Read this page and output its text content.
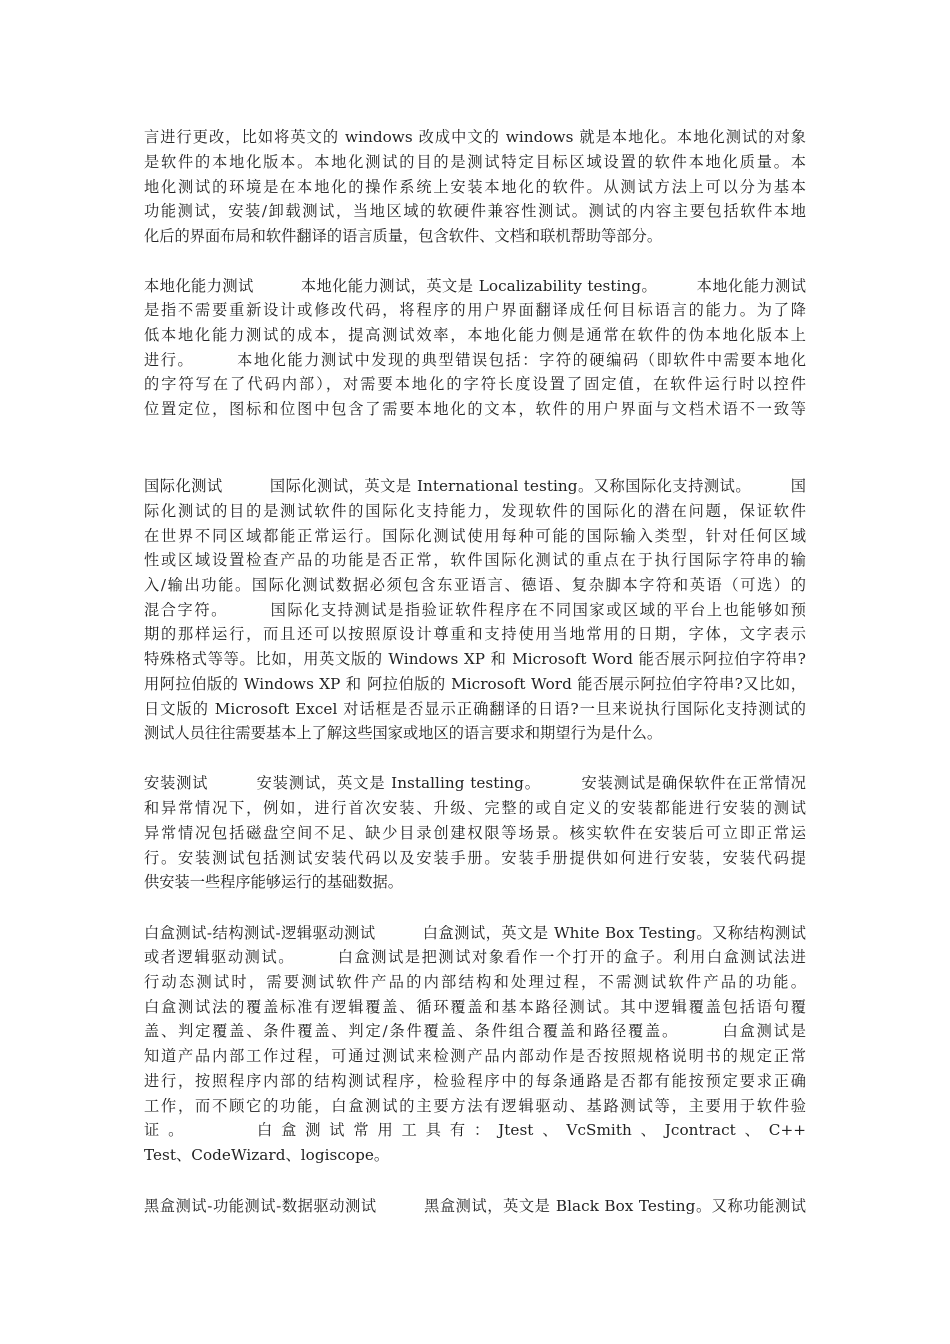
言进行更改，比如将英文的 windows 改成中文的 windows 就是本地化。本地化测试的对象
是软件的本地化版本。本地化测试的目的是测试特定目标区域设置的软件本地化质量。本
地化测试的环境是在本地化的操作系统上安装本地化的软件。从测试方法上可以分为基本
功能测试，安装/卸载测试，当地区域的软硬件兼容性测试。测试的内容主要包括软件本地
化后的界面布局和软件翻译的语言质量，包含软件、文档和联机帮助等部分。
本地化能力测试　　　本地化能力测试，英文是 Localizability testing。　　　本地化能力测试
是指不需要重新设计或修改代码，将程序的用户界面翻译成任何目标语言的能力。为了降
低本地化能力测试的成本，提高测试效率，本地化能力侧是通常在软件的伪本地化版本上
进行。　　　本地化能力测试中发现的典型错误包括：字符的硬编码（即软件中需要本地化
的字符写在了代码内部），对需要本地化的字符长度设置了固定值，在软件运行时以控件
位置定位，图标和位图中包含了需要本地化的文本，软件的用户界面与文档术语不一致等
国际化测试　　　国际化测试，英文是 International testing。又称国际化支持测试。　　　国
际化测试的目的是测试软件的国际化支持能力，发现软件的国际化的潜在问题，保证软件
在世界不同区域都能正常运行。国际化测试使用每种可能的国际输入类型，针对任何区域
性或区域设置检查产品的功能是否正常，软件国际化测试的重点在于执行国际字符串的输
入/输出功能。国际化测试数据必须包含东亚语言、德语、复杂脚本字符和英语（可选）的
混合字符。　　　国际化支持测试是指验证软件程序在不同国家或区域的平台上也能够如预
期的那样运行，而且还可以按照原设计尊重和支持使用当地常用的日期，字体，文字表示
特殊格式等等。比如，用英文版的 Windows XP 和 Microsoft Word 能否展示阿拉伯字符串?
用阿拉伯版的 Windows XP 和 阿拉伯版的 Microsoft Word 能否展示阿拉伯字符串?又比如，
日文版的 Microsoft Excel 对话框是否显示正确翻译的日语?一旦来说执行国际化支持测试的
测试人员往往需要基本上了解这些国家或地区的语言要求和期望行为是什么。
安装测试　　　安装测试，英文是 Installing testing。　　　安装测试是确保软件在正常情况
和异常情况下，例如，进行首次安装、升级、完整的或自定义的安装都能进行安装的测试
异常情况包括磁盘空间不足、缺少目录创建权限等场景。核实软件在安装后可立即正常运
行。安装测试包括测试安装代码以及安装手册。安装手册提供如何进行安装，安装代码提
供安装一些程序能够运行的基础数据。
白盒测试-结构测试-逻辑驱动测试　　　白盒测试，英文是 White Box Testing。又称结构测试
或者逻辑驱动测试。　　　白盒测试是把测试对象看作一个打开的盒子。利用白盒测试法进
行动态测试时，需要测试软件产品的内部结构和处理过程，不需测试软件产品的功能。
白盒测试法的覆盖标准有逻辑覆盖、循环覆盖和基本路径测试。其中逻辑覆盖包括语句覆
盖、判定覆盖、条件覆盖、判定/条件覆盖、条件组合覆盖和路径覆盖。　　　白盒测试是
知道产品内部工作过程，可通过测试来检测产品内部动作是否按照规格说明书的规定正常
进行，按照程序内部的结构测试程序，检验程序中的每条通路是否都有能按预定要求正确
工作，而不顾它的功能，白盒测试的主要方法有逻辑驱动、基路测试等，主要用于软件验
证。　　　白盒测试常用工具有：Jtest、VcSmith、Jcontract、C++
Test、CodeWizard、logiscope。
黑盒测试-功能测试-数据驱动测试　　　黑盒测试，英文是 Black Box Testing。又称功能测试
